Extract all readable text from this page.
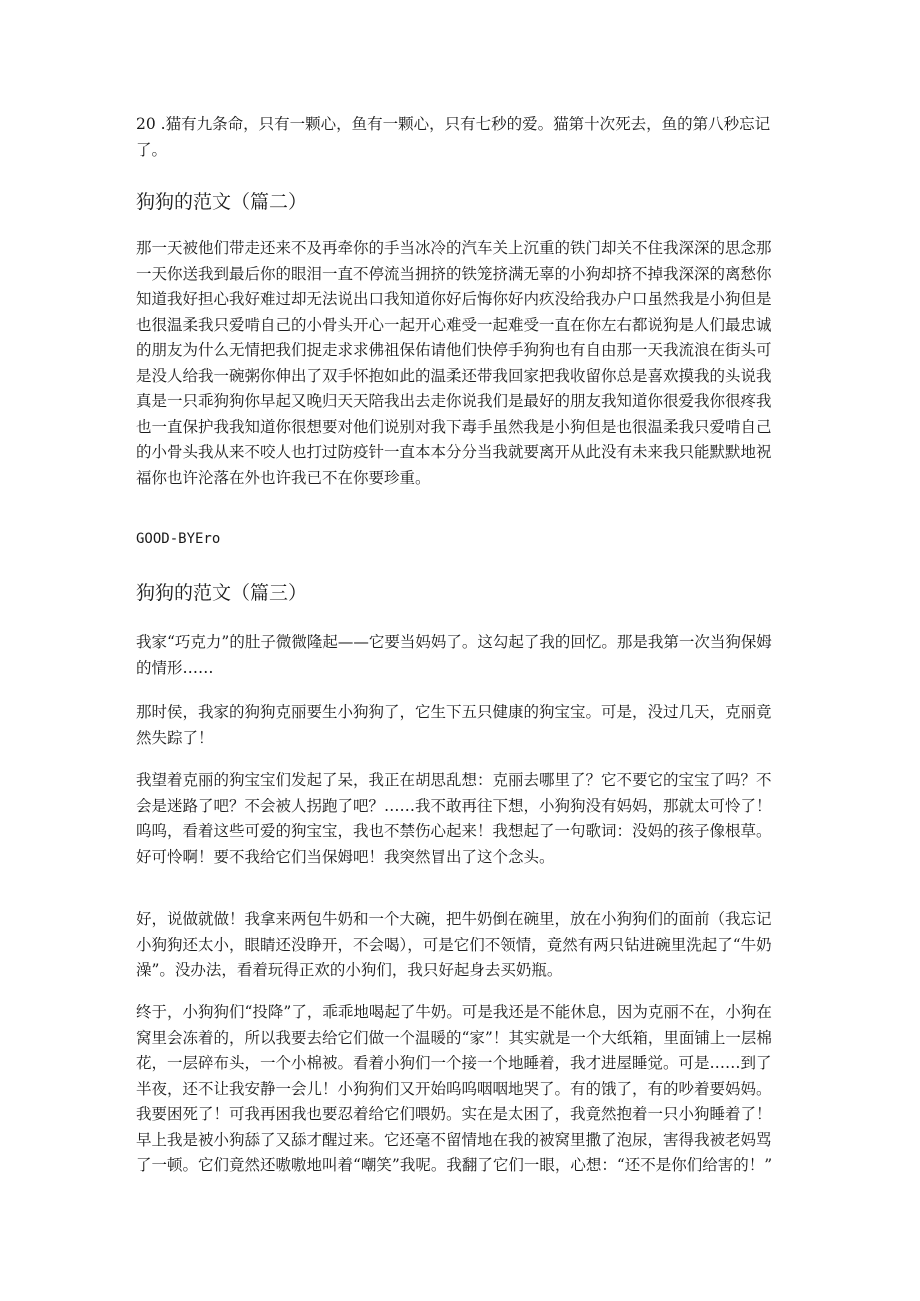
20 .猫有九条命，只有一颗心，鱼有一颗心，只有七秒的爱。猫第十次死去，鱼的第八秒忘记了。

狗狗的范文（篇二）

那一天被他们带走还来不及再牵你的手当冰冷的汽车关上沉重的铁门却关不住我深深的思念那一天你送我到最后你的眼泪一直不停流当拥挤的铁笼挤满无辜的小狗却挤不掉我深深的离愁你知道我好担心我好难过却无法说出口我知道你好后悔你好内疚没给我办户口虽然我是小狗但是也很温柔我只爱啃自己的小骨头开心一起开心难受一起难受一直在你左右都说狗是人们最忠诚的朋友为什么无情把我们捉走求求佛祖保佑请他们快停手狗狗也有自由那一天我流浪在街头可是没人给我一碗粥你伸出了双手怀抱如此的温柔还带我回家把我收留你总是喜欢摸我的头说我真是一只乖狗狗你早起又晚归天天陪我出去走你说我们是最好的朋友我知道你很爱我你很疼我也一直保护我我知道你很想要对他们说别对我下毒手虽然我是小狗但是也很温柔我只爱啃自己的小骨头我从来不咬人也打过防疫针一直本本分分当我就要离开从此没有未来我只能默默地祝福你也许沦落在外也许我已不在你要珍重。

GOOD-BYEro

狗狗的范文（篇三）

我家“巧克力”的肚子微微隆起——它要当妈妈了。这勾起了我的回忆。那是我第一次当狗保姆的情形……

那时侯，我家的狗狗克丽要生小狗狗了，它生下五只健康的狗宝宝。可是，没过几天，克丽竟然失踪了！

我望着克丽的狗宝宝们发起了呆，我正在胡思乱想：克丽去哪里了？它不要它的宝宝了吗？不会是迷路了吧？不会被人拐跑了吧？……我不敢再往下想，小狗狗没有妈妈，那就太可怜了！呜呜，看着这些可爱的狗宝宝，我也不禁伤心起来！我想起了一句歌词：没妈的孩子像根草。好可怜啊！要不我给它们当保姆吧！我突然冒出了这个念头。

好，说做就做！我拿来两包牛奶和一个大碗，把牛奶倒在碗里，放在小狗狗们的面前（我忘记小狗狗还太小，眼睛还没睁开，不会喝），可是它们不领情，竟然有两只钻进碗里洗起了“牛奶澡”。没办法，看着玩得正欢的小狗们，我只好起身去买奶瓶。

终于，小狗狗们“投降”了，乖乖地喝起了牛奶。可是我还是不能休息，因为克丽不在，小狗在窝里会冻着的，所以我要去给它们做一个温暖的“家”！其实就是一个大纸箱，里面铺上一层棉花，一层碎布头，一个小棉被。看着小狗们一个接一个地睡着，我才进屋睡觉。可是……到了半夜，还不让我安静一会儿！小狗狗们又开始呜呜咽咽地哭了。有的饿了，有的吵着要妈妈。我要困死了！可我再困我也要忍着给它们喂奶。实在是太困了，我竟然抱着一只小狗睡着了！早上我是被小狗舔了又舔才醒过来。它还毫不留情地在我的被窝里撒了泡尿，害得我被老妈骂了一顿。它们竟然还嗷嗷地叫着“嘲笑”我呢。我翻了它们一眼，心想：“还不是你们给害的！”
